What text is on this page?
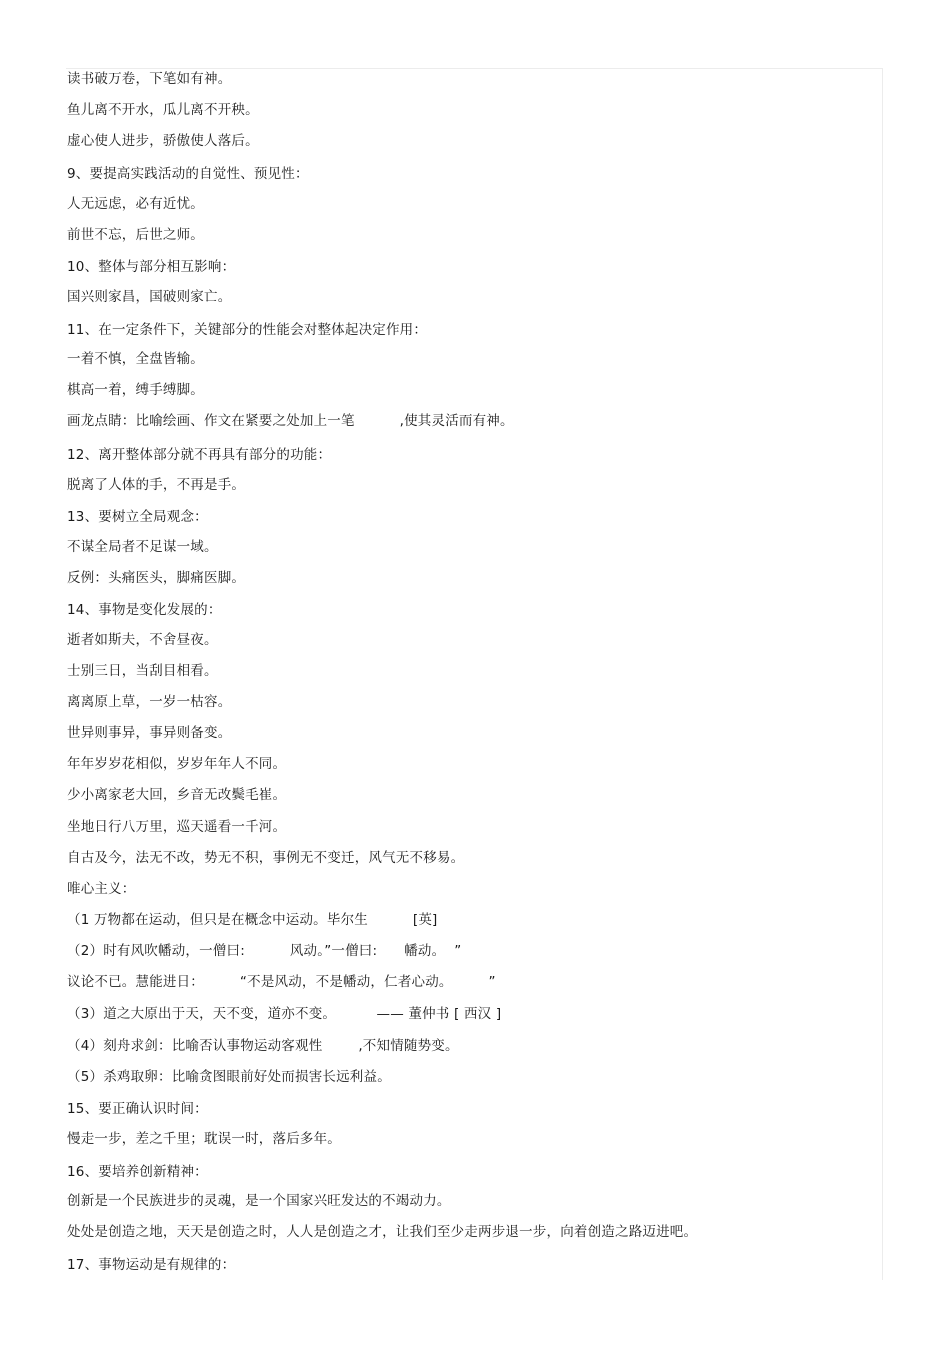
读书破万卷，下笔如有神。
鱼儿离不开水，瓜儿离不开秧。
虚心使人进步，骄傲使人落后。
9、要提高实践活动的自觉性、预见性：
人无远虑，必有近忧。
前世不忘，后世之师。
10、整体与部分相互影响：
国兴则家昌，国破则家亡。
11、在一定条件下，关键部分的性能会对整体起决定作用：
一着不慎，全盘皆输。
棋高一着，缚手缚脚。
画龙点睛：比喻绘画、作文在紧要之处加上一笔          ,使其灵活而有神。
12、离开整体部分就不再具有部分的功能：
脱离了人体的手，不再是手。
13、要树立全局观念：
不谋全局者不足谋一域。
反例：头痛医头，脚痛医脚。
14、事物是变化发展的：
逝者如斯夫，不舍昼夜。
士别三日，当刮目相看。
离离原上草，一岁一枯容。
世异则事异，事异则备变。
年年岁岁花相似，岁岁年年人不同。
少小离家老大回，乡音无改鬓毛崔。
坐地日行八万里，巡天遥看一千河。
自古及今，法无不改，势无不积，事例无不变迁，风气无不移易。
唯心主义：
（1 万物都在运动，但只是在概念中运动。毕尔生          [英]
（2）时有风吹幡动，一僧曰:          风动。”一僧曰:      幡动。  ”
议论不已。慧能进日：        “不是风动，不是幡动，仁者心动。        ”
（3）道之大原出于天，天不变，道亦不变。         —— 董仲书 [ 西汉 ]
（4）刻舟求剑：比喻否认事物运动客观性        ,不知情随势变。
（5）杀鸡取卵：比喻贪图眼前好处而损害长远利益。
15、要正确认识时间：
慢走一步，差之千里；耽误一时，落后多年。
16、要培养创新精神：
创新是一个民族进步的灵魂，是一个国家兴旺发达的不竭动力。
处处是创造之地，天天是创造之时，人人是创造之才，让我们至少走两步退一步，向着创造之路迈进吧。
17、事物运动是有规律的：
